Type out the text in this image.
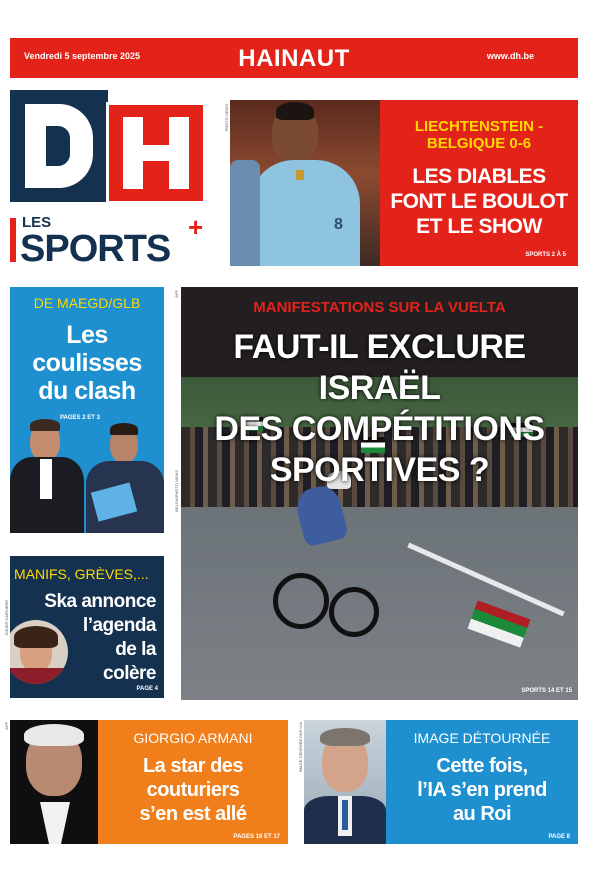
Vendredi 5 septembre 2025	HAINAUT	www.dh.be
LES
SPORTS
+	8
PHOTO NEWS	LIECHTENSTEIN -
BELGIQUE 0-6
LES DIABLES
FONT LE BOULOT
ET LE SHOW
SPORTS 2 À 5
DE MAEGD/GLB
Les
coulisses
du clash
PAGES 2 ET 3
MANIFESTATIONS SUR LA VUELTA
FAUT-IL EXCLURE ISRAËL
DES COMPÉTITIONS
SPORTIVES ?
SPORTS 14 ET 15
AFP
BELGA/PHOTO NEWS
MANIFS, GRÈVES,...
Ska annonce
l’agenda
de la
colère
PAGE 4
DIDIER CARNIERE
AFP
GIORGIO ARMANI
La star des
couturiers
s’en est allé
PAGES 16 ET 17
IMAGE GÉNÉRÉE PAR L’IA	IMAGE DÉTOURNÉE
Cette fois,
l’IA s’en prend
au Roi
PAGE 8
